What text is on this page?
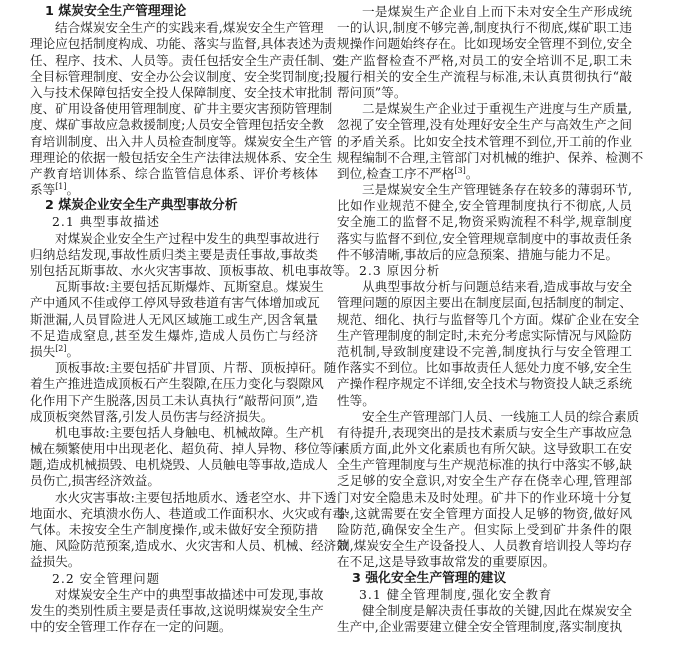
1 煤炭安全生产管理理论
结合煤炭安全生产的实践来看,煤炭安全生产管理
理论应包括制度构成、功能、落实与监督,具体表述为责
任、程序、技术、人员等。责任包括安全生产责任制、安
全目标管理制度、安全办公会议制度、安全奖罚制度;投
入与技术保障包括安全投人保障制度、安全技术审批制
度、矿用设备使用管理制度、矿井主要灾害预防管理制
度、煤矿事故应急救援制度;人员安全管理包括安全教
育培训制度、出入井人员检查制度等。煤炭安全生产管
理理论的依据一般包括安全生产法律法规体系、安全生
产教育培训体系、综合监管信息体系、评价考核体
系等[1]。
2 煤炭企业安全生产典型事故分析
2.1 典型事故描述
对煤炭企业安全生产过程中发生的典型事故进行
归纳总结发现,事故性质归类主要是责任事故,事故类
别包括瓦斯事故、水火灾害事故、顶板事故、机电事故等。
瓦斯事故:主要包括瓦斯爆炸、瓦斯窒息。煤炭生
产中通风不佳或停工停风导致巷道有害气体增加或瓦
斯泄漏,人员冒险进人无风区域施工或生产,因含氧量
不足造成窒息,甚至发生爆炸,造成人员伤亡与经济
损失[2]。
顶板事故:主要包括矿井冒顶、片帮、顶板掉矸。随
着生产推进造成顶板石产生裂隙,在压力变化与裂隙风
化作用下产生脱落,因员工未认真执行“敲帮问顶”,造
成顶板突然冒落,引发人员伤害与经济损失。
机电事故:主要包括人身触电、机械故障。生产机
械在频繁使用中出现老化、超负荷、掉人异物、移位等问
题,造成机械损毁、电机烧毁、人员触电等事故,造成人
员伤亡,损害经济效益。
水火灾害事故:主要包括地质水、透老空水、井下透
地面水、充填溃水伤人、巷道或工作面积水、火灾或有毒
气体。未按安全生产制度操作,或未做好安全预防措
施、风险防范预案,造成水、火灾害和人员、机械、经济效
益损失。
2.2 安全管理问题
对煤炭安全生产中的典型事故描述中可发现,事故
发生的类别性质主要是责任事故,这说明煤炭安全生产
中的安全管理工作存在一定的问题。
一是煤炭生产企业自上而下未对安全生产形成统
一的认识,制度不够完善,制度执行不彻底,煤矿职工违
规操作问题始终存在。比如现场安全管理不到位,安全
生产监督检查不严格,对员工的安全培训不足,职工未
履行相关的安全生产流程与标准,未认真贯彻执行“敲
帮问顶”等。
二是煤炭生产企业过于重视生产进度与生产质量,
忽视了安全管理,没有处理好安全生产与高效生产之间
的矛盾关系。比如安全技术管理不到位,开工前的作业
规程编制不合理,主管部门对机械的维护、保养、检测不
到位,检查工序不严格[3]。
三是煤炭安全生产管理链条存在较多的薄弱环节,
比如作业规范不健全,安全管理制度执行不彻底,人员
安全施工的监督不足,物资采购流程不科学,规章制度
落实与监督不到位,安全管理规章制度中的事故责任条
件不够清晰,事故后的应急预案、措施与能力不足。
2.3 原因分析
从典型事故分析与问题总结来看,造成事故与安全
管理问题的原因主要出在制度层面,包括制度的制定、
规范、细化、执行与监督等几个方面。煤矿企业在安全
生产管理制度的制定时,未充分考虑实际情况与风险防
范机制,导致制度建设不完善,制度执行与安全管理工
作落实不到位。比如事故责任人惩处力度不够,安全生
产操作程序规定不详细,安全技术与物资投人缺乏系统
性等。
安全生产管理部门人员、一线施工人员的综合素质
有待提升,表现突出的是技术素质与安全生产事故应急
素质方面,此外文化素质也有所欠缺。这导致职工在安
全生产管理制度与生产规范标准的执行中落实不够,缺
乏足够的安全意识,对安全生产存在侥幸心理,管理部
门对安全隐患未及时处理。矿井下的作业环境十分复
杂,这就需要在安全管理方面投人足够的物资,做好风
险防范,确保安全生产。但实际上受到矿井条件的限
制,煤炭安全生产设备投人、人员教育培训投人等均存
在不足,这是导致事故常发的重要原因。
3 强化安全生产管理的建议
3.1 健全管理制度,强化安全教育
健全制度是解决责任事故的关键,因此在煤炭安全
生产中,企业需要建立健全安全管理制度,落实制度执
